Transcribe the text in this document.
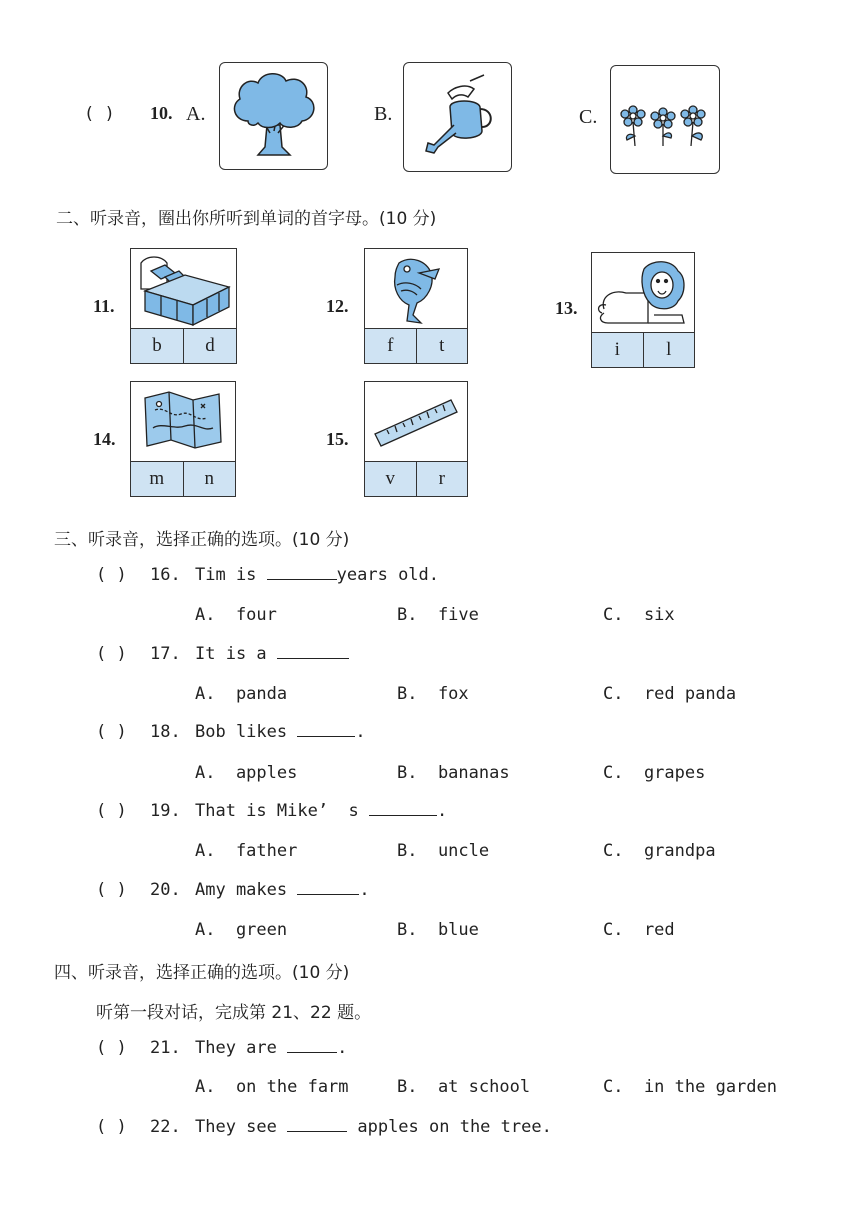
( ) 10. A.	B.	C.
二、听录音，圈出你所听到单词的首字母。(10 分)
11.
b	d
12.
f	t
13.
i	l
14.
m	n
15.
v	r
三、听录音，选择正确的选项。(10 分)
( ) 16. Tim is	years old.
A.  four	B.  five	C.  six
( ) 17. It is a
A.  panda	B.  fox	C.  red panda
( ) 18. Bob likes	.
A.  apples	B.  bananas	C.  grapes
( ) 19. That is Mike’  s	.
A.  father	B.  uncle	C.  grandpa
( ) 20. Amy makes	.
A.  green	B.  blue	C.  red
四、听录音，选择正确的选项。(10 分)
听第一段对话，完成第 21、22 题。
( ) 21. They are	.
A.  on the farm	B.  at school	C.  in the garden
( ) 22. They see	apples on the tree.
